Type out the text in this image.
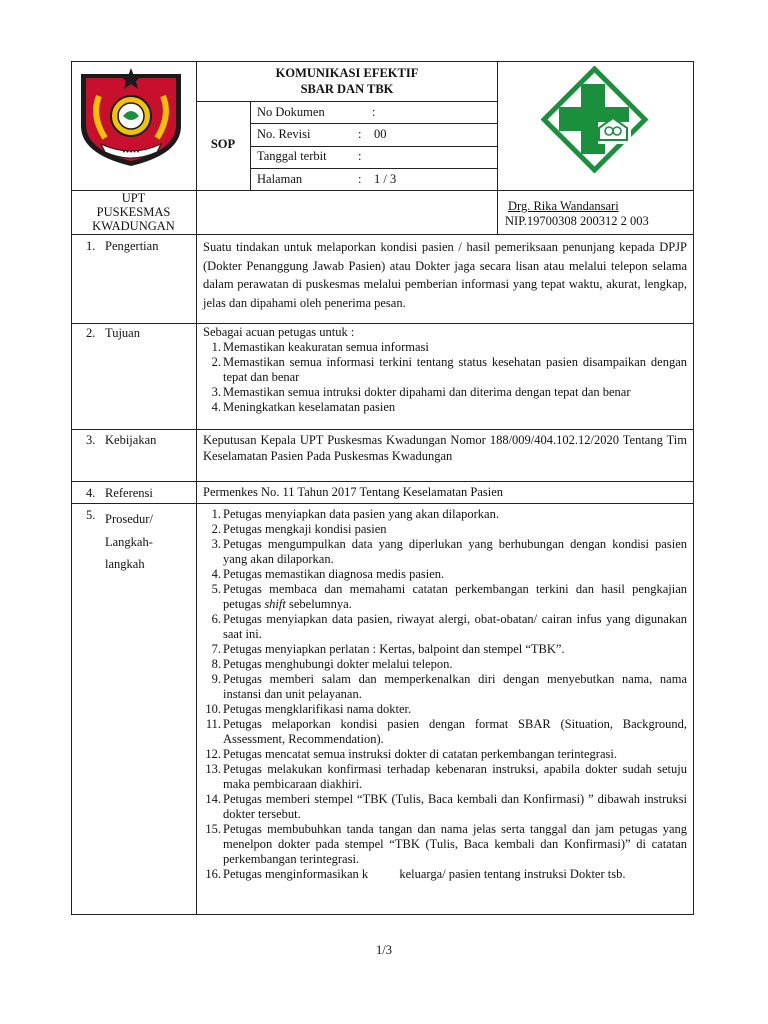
•••••
KOMUNIKASI EFEKTIF
SBAR DAN TBK
SOP
No Dokumen	:
No. Revisi	: 00
Tanggal terbit	:
Halaman	: 1 / 3
UPT
PUSKESMAS
KWADUNGAN
Drg. Rika Wandansari
NIP.19700308 200312 2 003
1. Pengertian	Suatu tindakan untuk melaporkan kondisi pasien / hasil pemeriksaan penunjang kepada DPJP (Dokter Penanggung Jawab Pasien) atau Dokter jaga secara lisan atau melalui telepon selama dalam perawatan di puskesmas melalui pemberian informasi yang tepat waktu, akurat, lengkap, jelas dan dipahami oleh penerima pesan.
2. Tujuan	Sebagai acuan petugas untuk :
1. Memastikan keakuratan semua informasi
2. Memastikan semua informasi terkini tentang status kesehatan pasien disampaikan dengan tepat dan benar
3. Memastikan semua intruksi dokter dipahami dan diterima dengan tepat dan benar
4. Meningkatkan keselamatan pasien
3. Kebijakan	Keputusan Kepala UPT Puskesmas Kwadungan Nomor 188/009/404.102.12/2020 Tentang Tim Keselamatan Pasien Pada Puskesmas Kwadungan
4. Referensi	Permenkes No. 11 Tahun 2017 Tentang Keselamatan Pasien
5. Prosedur/
Langkah-
langkah
1. Petugas menyiapkan data pasien yang akan dilaporkan.
2. Petugas mengkaji kondisi pasien
3. Petugas mengumpulkan data yang diperlukan yang berhubungan dengan kondisi pasien yang akan dilaporkan.
4. Petugas memastikan diagnosa medis pasien.
5. Petugas membaca dan memahami catatan perkembangan terkini dan hasil pengkajian petugas shift sebelumnya.
6. Petugas menyiapkan data pasien, riwayat alergi, obat-obatan/ cairan infus yang digunakan saat ini.
7. Petugas menyiapkan perlatan : Kertas, balpoint dan stempel “TBK”.
8. Petugas menghubungi dokter melalui telepon.
9. Petugas memberi salam dan memperkenalkan diri dengan menyebutkan nama, nama instansi dan unit pelayanan.
10. Petugas mengklarifikasi nama dokter.
11. Petugas melaporkan kondisi pasien dengan format SBAR (Situation, Background, Assessment, Recommendation).
12. Petugas mencatat semua instruksi dokter di catatan perkembangan terintegrasi.
13. Petugas melakukan konfirmasi terhadap kebenaran instruksi, apabila dokter sudah setuju maka pembicaraan diakhiri.
14. Petugas memberi stempel “TBK (Tulis, Baca kembali dan Konfirmasi) ” dibawah instruksi dokter tersebut.
15. Petugas membubuhkan tanda tangan dan nama jelas serta tanggal dan jam petugas yang menelpon dokter pada stempel “TBK (Tulis, Baca kembali dan Konfirmasi)” di catatan perkembangan terintegrasi.
16. Petugas menginformasikan k          keluarga/ pasien tentang instruksi Dokter tsb.
1/3
